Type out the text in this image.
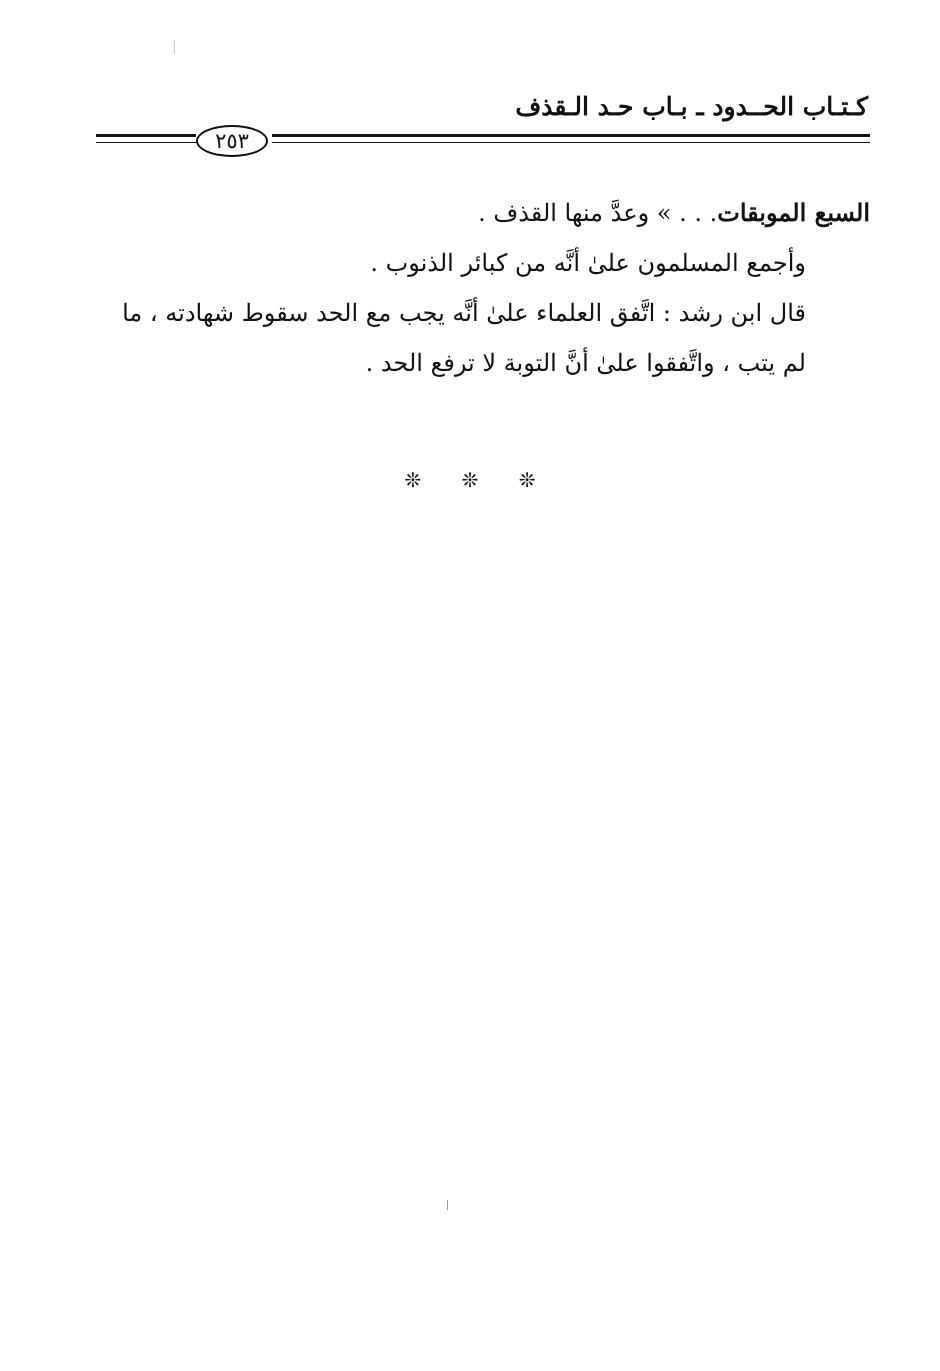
كـتـاب الحــدود ـ بـاب حـد الـقذف
٢٥٣

السبع الموبقات. . . » وعدَّ منها القذف .

وأجمع المسلمون علىٰ أنَّه من كبائر الذنوب .

قال ابن رشد : اتَّفق العلماء علىٰ أنَّه يجب مع الحد سقوط شهادته ، ما لم يتب ، واتَّفقوا علىٰ أنَّ التوبة لا ترفع الحد .

❊ ❊ ❊
